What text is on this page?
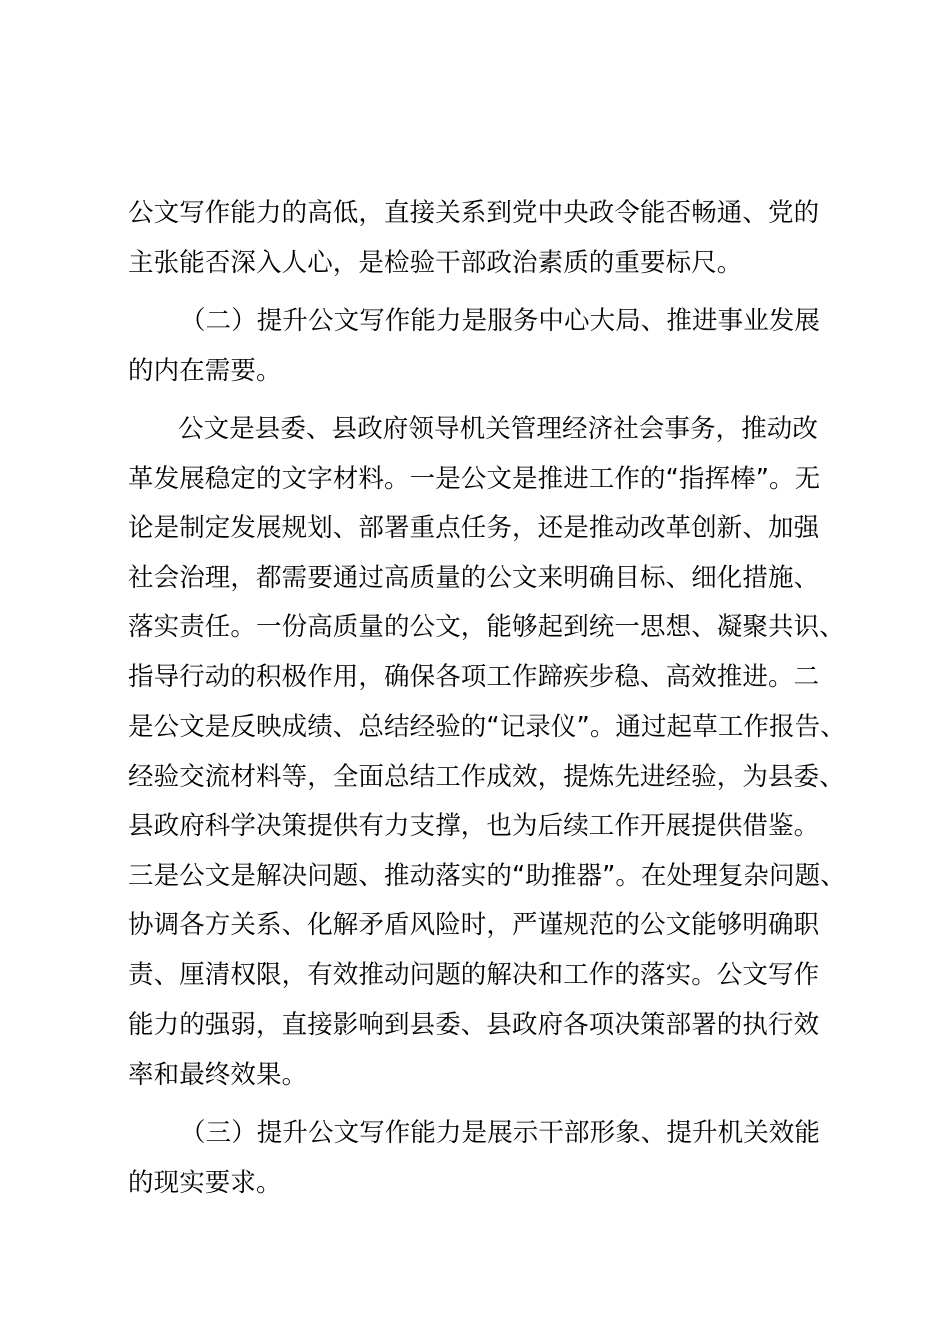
公文写作能力的高低，直接关系到党中央政令能否畅通、党的
主张能否深入人心，是检验干部政治素质的重要标尺。
（二）提升公文写作能力是服务中心大局、推进事业发展
的内在需要。
公文是县委、县政府领导机关管理经济社会事务，推动改
革发展稳定的文字材料。一是公文是推进工作的“指挥棒”。无
论是制定发展规划、部署重点任务，还是推动改革创新、加强
社会治理，都需要通过高质量的公文来明确目标、细化措施、
落实责任。一份高质量的公文，能够起到统一思想、凝聚共识、
指导行动的积极作用，确保各项工作蹄疾步稳、高效推进。二
是公文是反映成绩、总结经验的“记录仪”。通过起草工作报告、
经验交流材料等，全面总结工作成效，提炼先进经验，为县委、
县政府科学决策提供有力支撑，也为后续工作开展提供借鉴。
三是公文是解决问题、推动落实的“助推器”。在处理复杂问题、
协调各方关系、化解矛盾风险时，严谨规范的公文能够明确职
责、厘清权限，有效推动问题的解决和工作的落实。公文写作
能力的强弱，直接影响到县委、县政府各项决策部署的执行效
率和最终效果。
（三）提升公文写作能力是展示干部形象、提升机关效能
的现实要求。
